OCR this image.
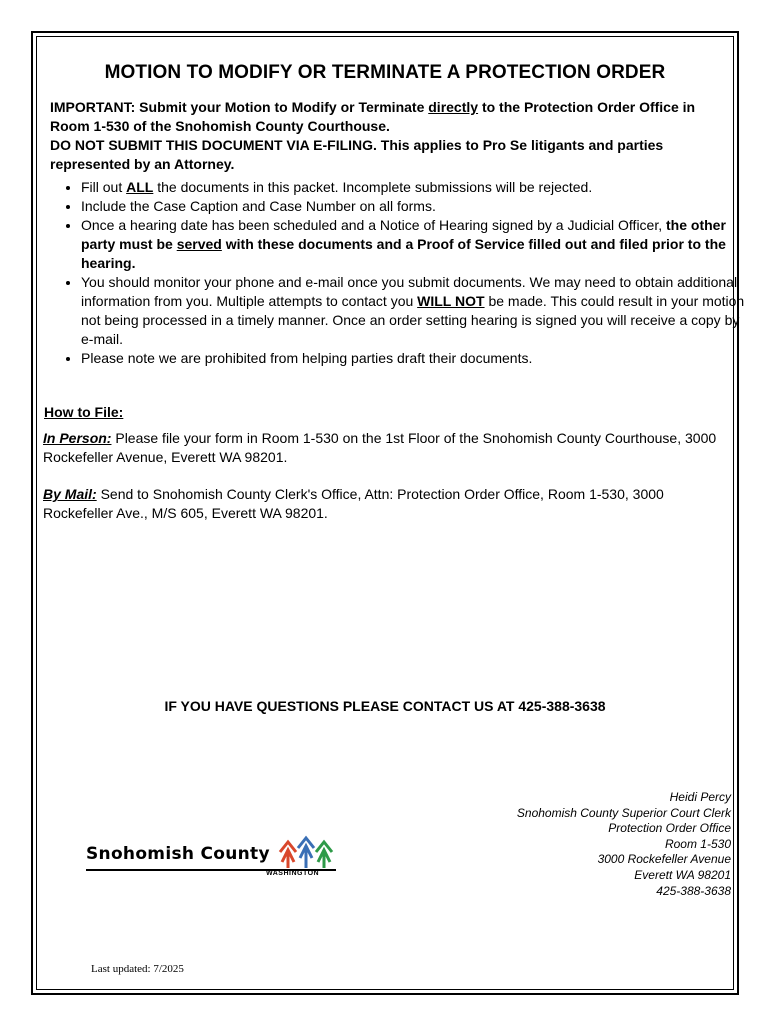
MOTION TO MODIFY OR TERMINATE A PROTECTION ORDER
IMPORTANT: Submit your Motion to Modify or Terminate directly to the Protection Order Office in Room 1-530 of the Snohomish County Courthouse.
DO NOT SUBMIT THIS DOCUMENT VIA E-FILING. This applies to Pro Se litigants and parties represented by an Attorney.
• Fill out ALL the documents in this packet. Incomplete submissions will be rejected.
• Include the Case Caption and Case Number on all forms.
• Once a hearing date has been scheduled and a Notice of Hearing signed by a Judicial Officer, the other party must be served with these documents and a Proof of Service filled out and filed prior to the hearing.
• You should monitor your phone and e-mail once you submit documents. We may need to obtain additional information from you. Multiple attempts to contact you WILL NOT be made. This could result in your motion not being processed in a timely manner. Once an order setting hearing is signed you will receive a copy by e-mail.
• Please note we are prohibited from helping parties draft their documents.
How to File:
In Person: Please file your form in Room 1-530 on the 1st Floor of the Snohomish County Courthouse, 3000 Rockefeller Avenue, Everett WA 98201.
By Mail: Send to Snohomish County Clerk's Office, Attn: Protection Order Office, Room 1-530, 3000 Rockefeller Ave., M/S 605, Everett WA 98201.
IF YOU HAVE QUESTIONS PLEASE CONTACT US AT 425-388-3638
Heidi Percy
Snohomish County Superior Court Clerk
Protection Order Office
Room 1-530
3000 Rockefeller Avenue
Everett WA 98201
425-388-3638
Snohomish County
WASHINGTON
Last updated: 7/2025
